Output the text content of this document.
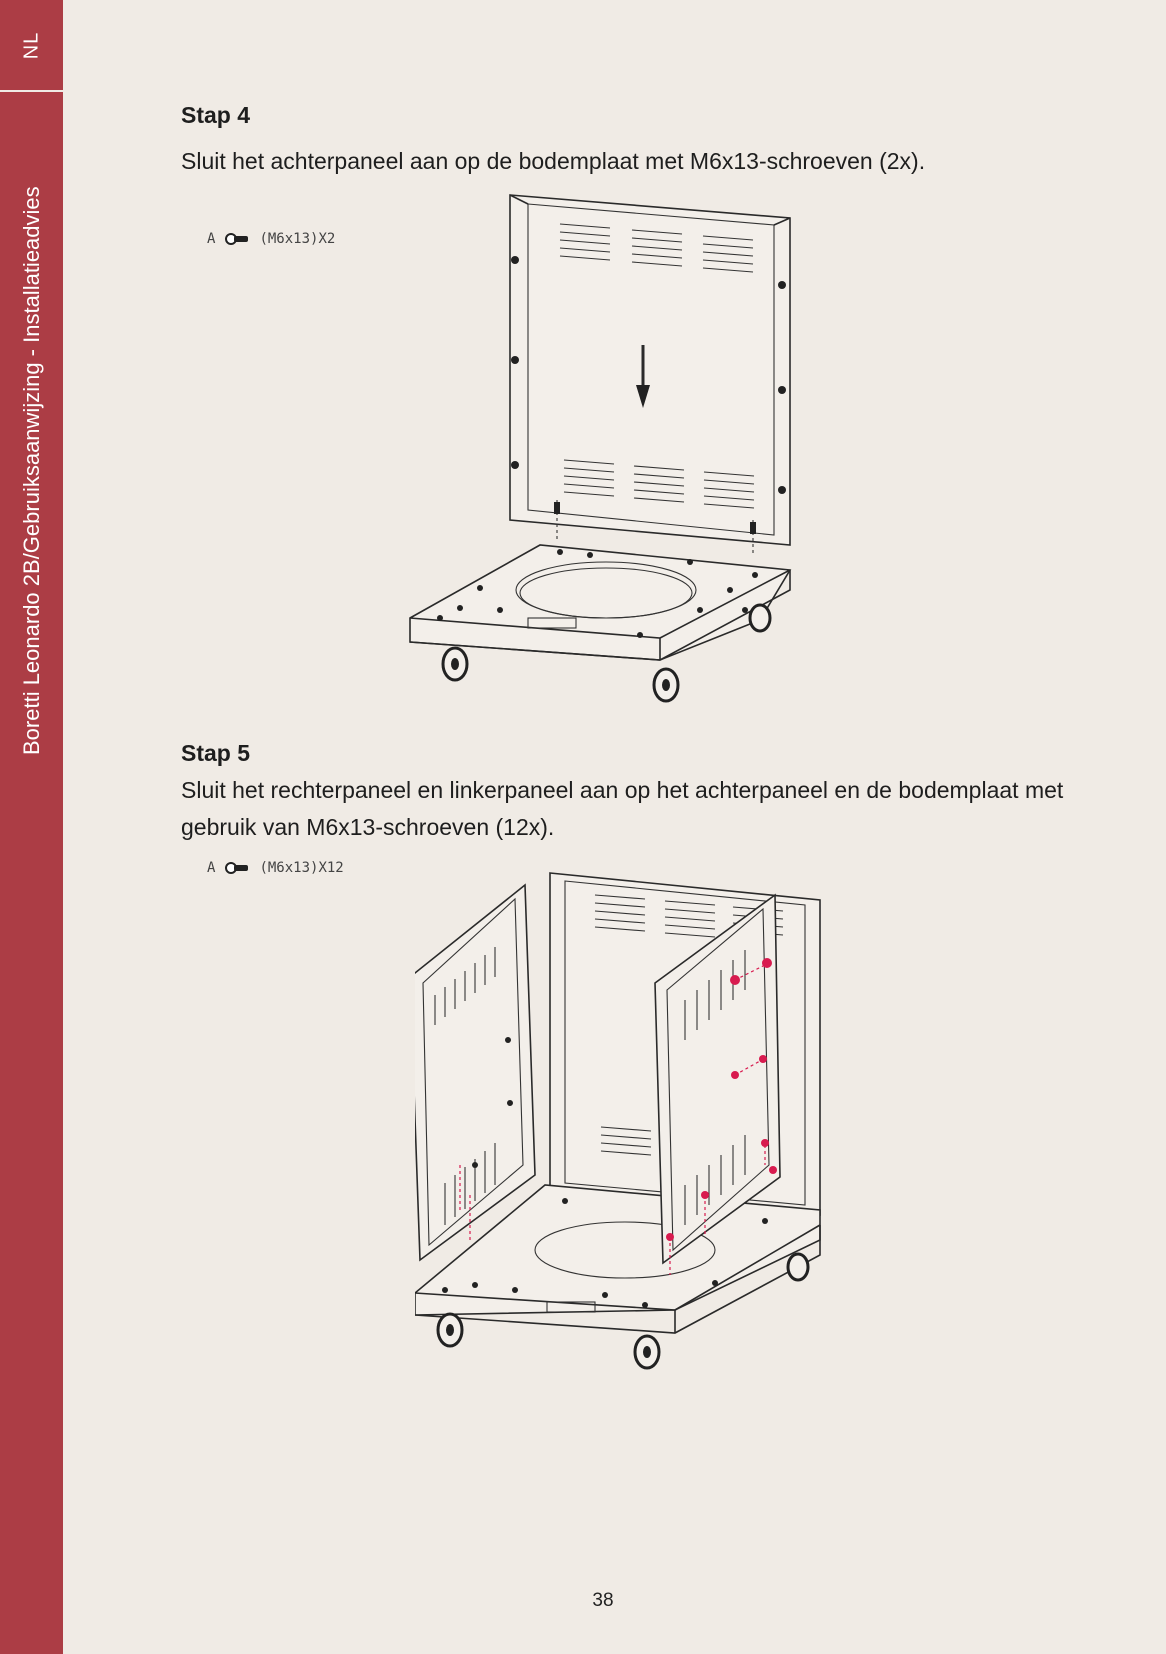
NL
Boretti Leonardo 2B/Gebruiksaanwijzing - Installatieadvies
Stap 4

Sluit het achterpaneel aan op de bodemplaat met M6x13-schroeven (2x).

A	(M6x13)X2
Stap 5

Sluit het rechterpaneel en linkerpaneel aan op het achterpaneel en de bodemplaat met gebruik van M6x13-schroeven (12x).

A	(M6x13)X12
38
